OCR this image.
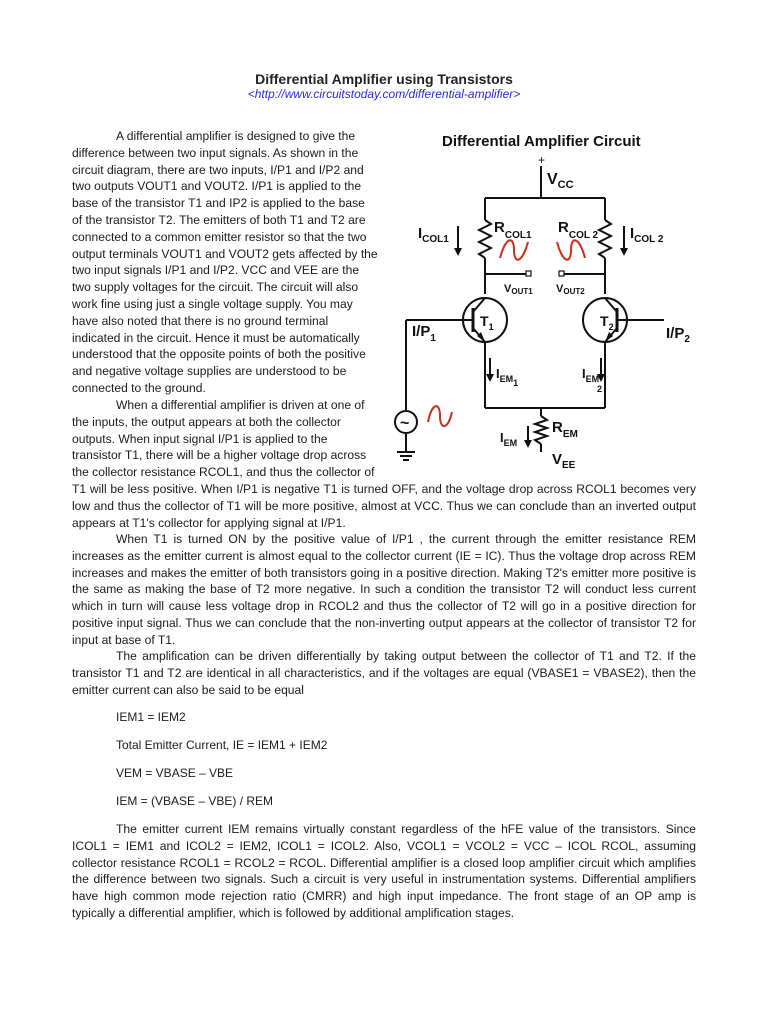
Differential Amplifier using Transistors
<http://www.circuitstoday.com/differential-amplifier>
A differential amplifier is designed to give the
difference between two input signals. As shown in the
circuit diagram, there are two inputs, I/P1 and I/P2 and
two outputs VOUT1 and VOUT2. I/P1 is applied to the
base of the transistor T1 and IP2 is applied to the base
of the transistor T2. The emitters of both T1 and T2 are
connected to a common emitter resistor so that the two
output terminals VOUT1 and VOUT2 gets affected by the
two input signals I/P1 and I/P2. VCC and VEE are the
two supply voltages for the circuit. The circuit will also
work fine using just a single voltage supply. You may
have also noted that there is no ground terminal
indicated in the circuit. Hence it must be automatically
understood that the opposite points of both the positive
and negative voltage supplies are understood to be
connected to the ground.
When a differential amplifier is driven at one of
the inputs, the output appears at both the collector
outputs. When input signal I/P1 is applied to the
transistor T1, there will be a higher voltage drop across
the collector resistance RCOL1, and thus the collector of

T1 will be less positive. When I/P1 is negative T1 is turned OFF, and the voltage drop across RCOL1 becomes very low and thus the collector of T1 will be more positive, almost at VCC. Thus we can conclude than an inverted output appears at T1's collector for applying signal at I/P1.

When T1 is turned ON by the positive value of I/P1 , the current through the emitter resistance REM increases as the emitter current is almost equal to the collector current (IE = IC). Thus the voltage drop across REM increases and makes the emitter of both transistors going in a positive direction. Making T2's emitter more positive is the same as making the base of T2 more negative. In such a condition the transistor T2 will conduct less current which in turn will cause less voltage drop in RCOL2 and thus the collector of T2 will go in a positive direction for positive input signal. Thus we can conclude that the non-inverting output appears at the collector of transistor T2 for input at base of T1.

The amplification can be driven differentially by taking output between the collector of T1 and T2. If the transistor T1 and T2 are identical in all characteristics, and if the voltages are equal (VBASE1 = VBASE2), then the emitter current can also be said to be equal

IEM1 = IEM2
Total Emitter Current, IE = IEM1 + IEM2
VEM = VBASE – VBE
IEM = (VBASE – VBE) / REM

The emitter current IEM remains virtually constant regardless of the hFE value of the transistors. Since ICOL1 = IEM1 and ICOL2 = IEM2, ICOL1 = ICOL2. Also, VCOL1 = VCOL2 = VCC – ICOL RCOL, assuming collector resistance RCOL1 = RCOL2 = RCOL. Differential amplifier is a closed loop amplifier circuit which amplifies the difference between two signals. Such a circuit is very useful in instrumentation systems. Differential amplifiers have high common mode rejection ratio (CMRR) and high input impedance. The front stage of an OP amp is typically a differential amplifier, which is followed by additional amplification stages.

Differential Amplifier Circuit
+
$V_{CC}$
$I_{COL1}$
$R_{COL1}$ $R_{COL 2}$ $I_{COL 2}$
VOUT1 VOUT2
$T_1$	$T_2$
$I/P_1$	$I/P_2$
$I_{EM1}$
$I_{EM}$ 2
$I_{EM}$
$R_{EM}$
$V_{EE}$
~
